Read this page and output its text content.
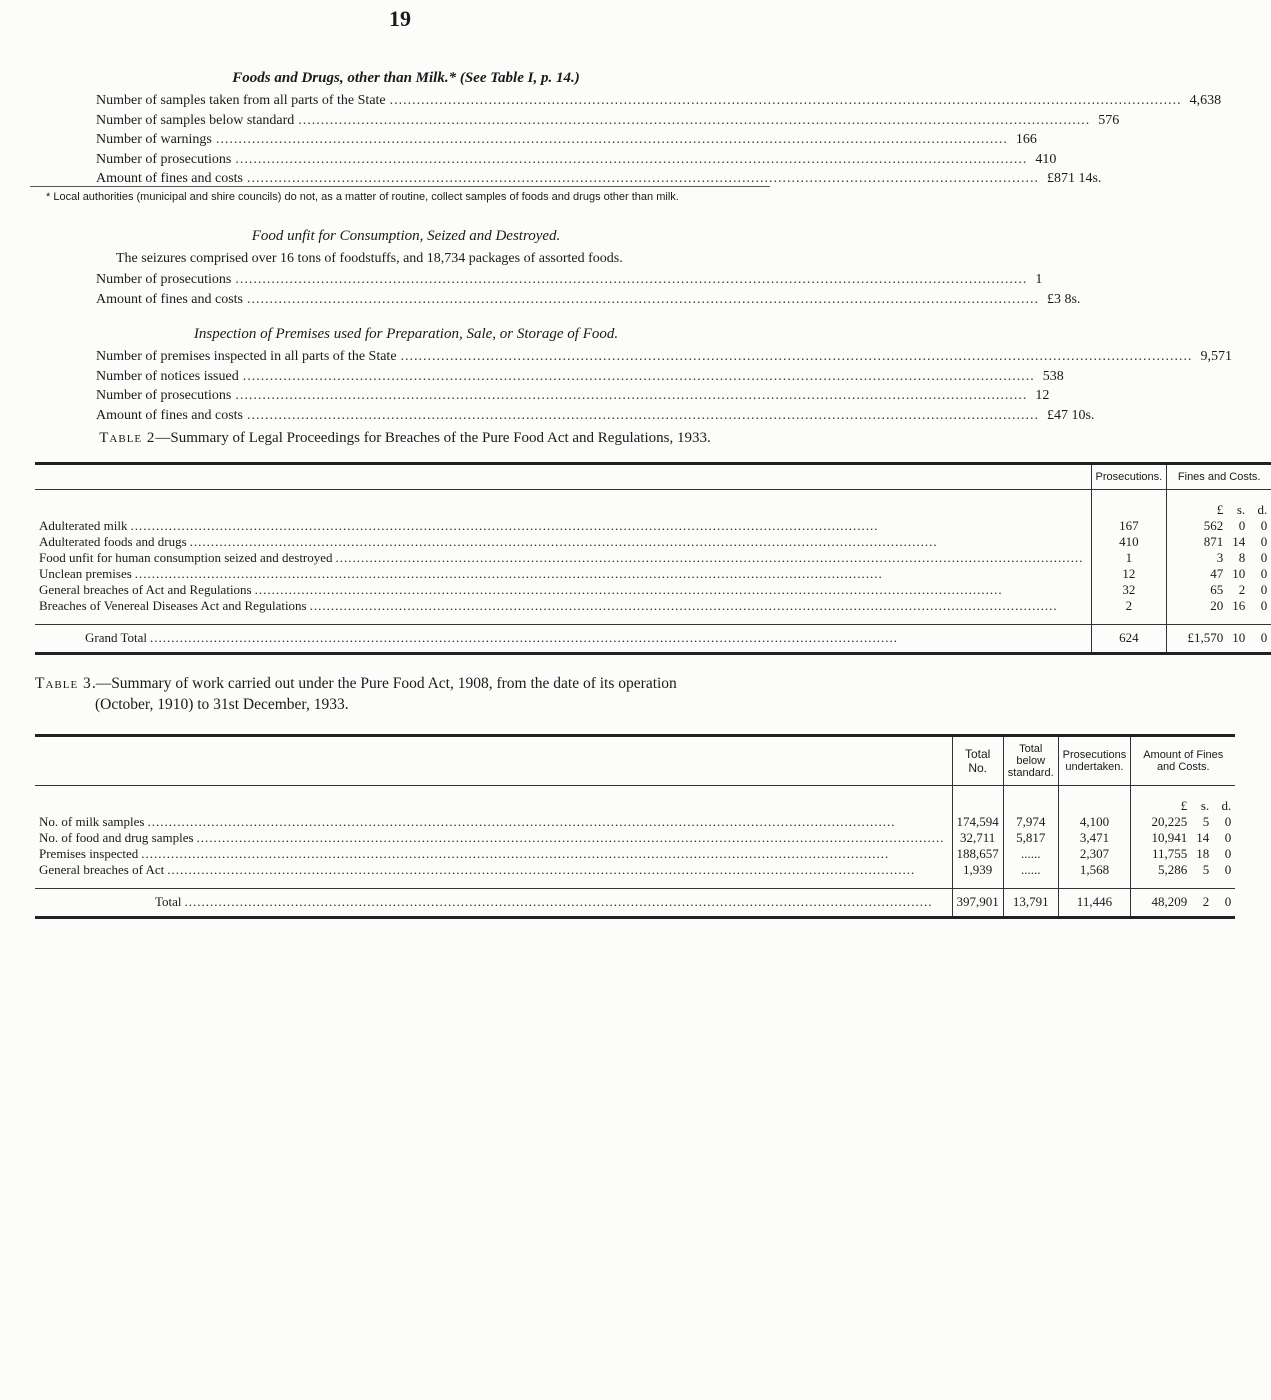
19
Foods and Drugs, other than Milk.* (See Table I, p. 14.)
Number of samples taken from all parts of the State .....	4,638
Number of samples below standard .....	576
Number of warnings .....	166
Number of prosecutions .....	410
Amount of fines and costs .....	£871 14s.
* Local authorities (municipal and shire councils) do not, as a matter of routine, collect samples of foods and drugs other than milk.
Food unfit for Consumption, Seized and Destroyed.
The seizures comprised over 16 tons of foodstuffs, and 18,734 packages of assorted foods.
Number of prosecutions .....	1
Amount of fines and costs .....	£3 8s.
Inspection of Premises used for Preparation, Sale, or Storage of Food.
Number of premises inspected in all parts of the State .....	9,571
Number of notices issued .....	538
Number of prosecutions .....	12
Amount of fines and costs .....	£47 10s.
Table 2—Summary of Legal Proceedings for Breaches of the Pure Food Act and Regulations, 1933.
	Prosecutions.	Fines and Costs.

		£ s. d.

Adulterated milk
.....	167	562 0 0

Adulterated foods and drugs
.....	410	871 14 0

Food unfit for human consumption seized and destroyed
.....	1	3 8 0

Unclean premises
.....	12	47 10 0

General breaches of Act and Regulations
.....	32	65 2 0

Breaches of Venereal Diseases Act and Regulations
.....	2	20 16 0

Grand Total
.....	624	£1,570 10 0
Table 3.—Summary of work carried out under the Pure Food Act, 1908, from the date of its operation
(October, 1910) to 31st December, 1933.
	Total No.	Total below standard.	Prosecutions undertaken.	Amount of Fines and Costs.

				£ s. d.

No. of milk samples
.....	174,594	7,974	4,100	20,225 5 0

No. of food and drug samples
.....	32,711	5,817	3,471	10,941 14 0

Premises inspected
.....	188,657	......	2,307	11,755 18 0

General breaches of Act
.....	1,939	......	1,568	5,286 5 0

Total
.....	397,901	13,791	11,446	48,209 2 0
